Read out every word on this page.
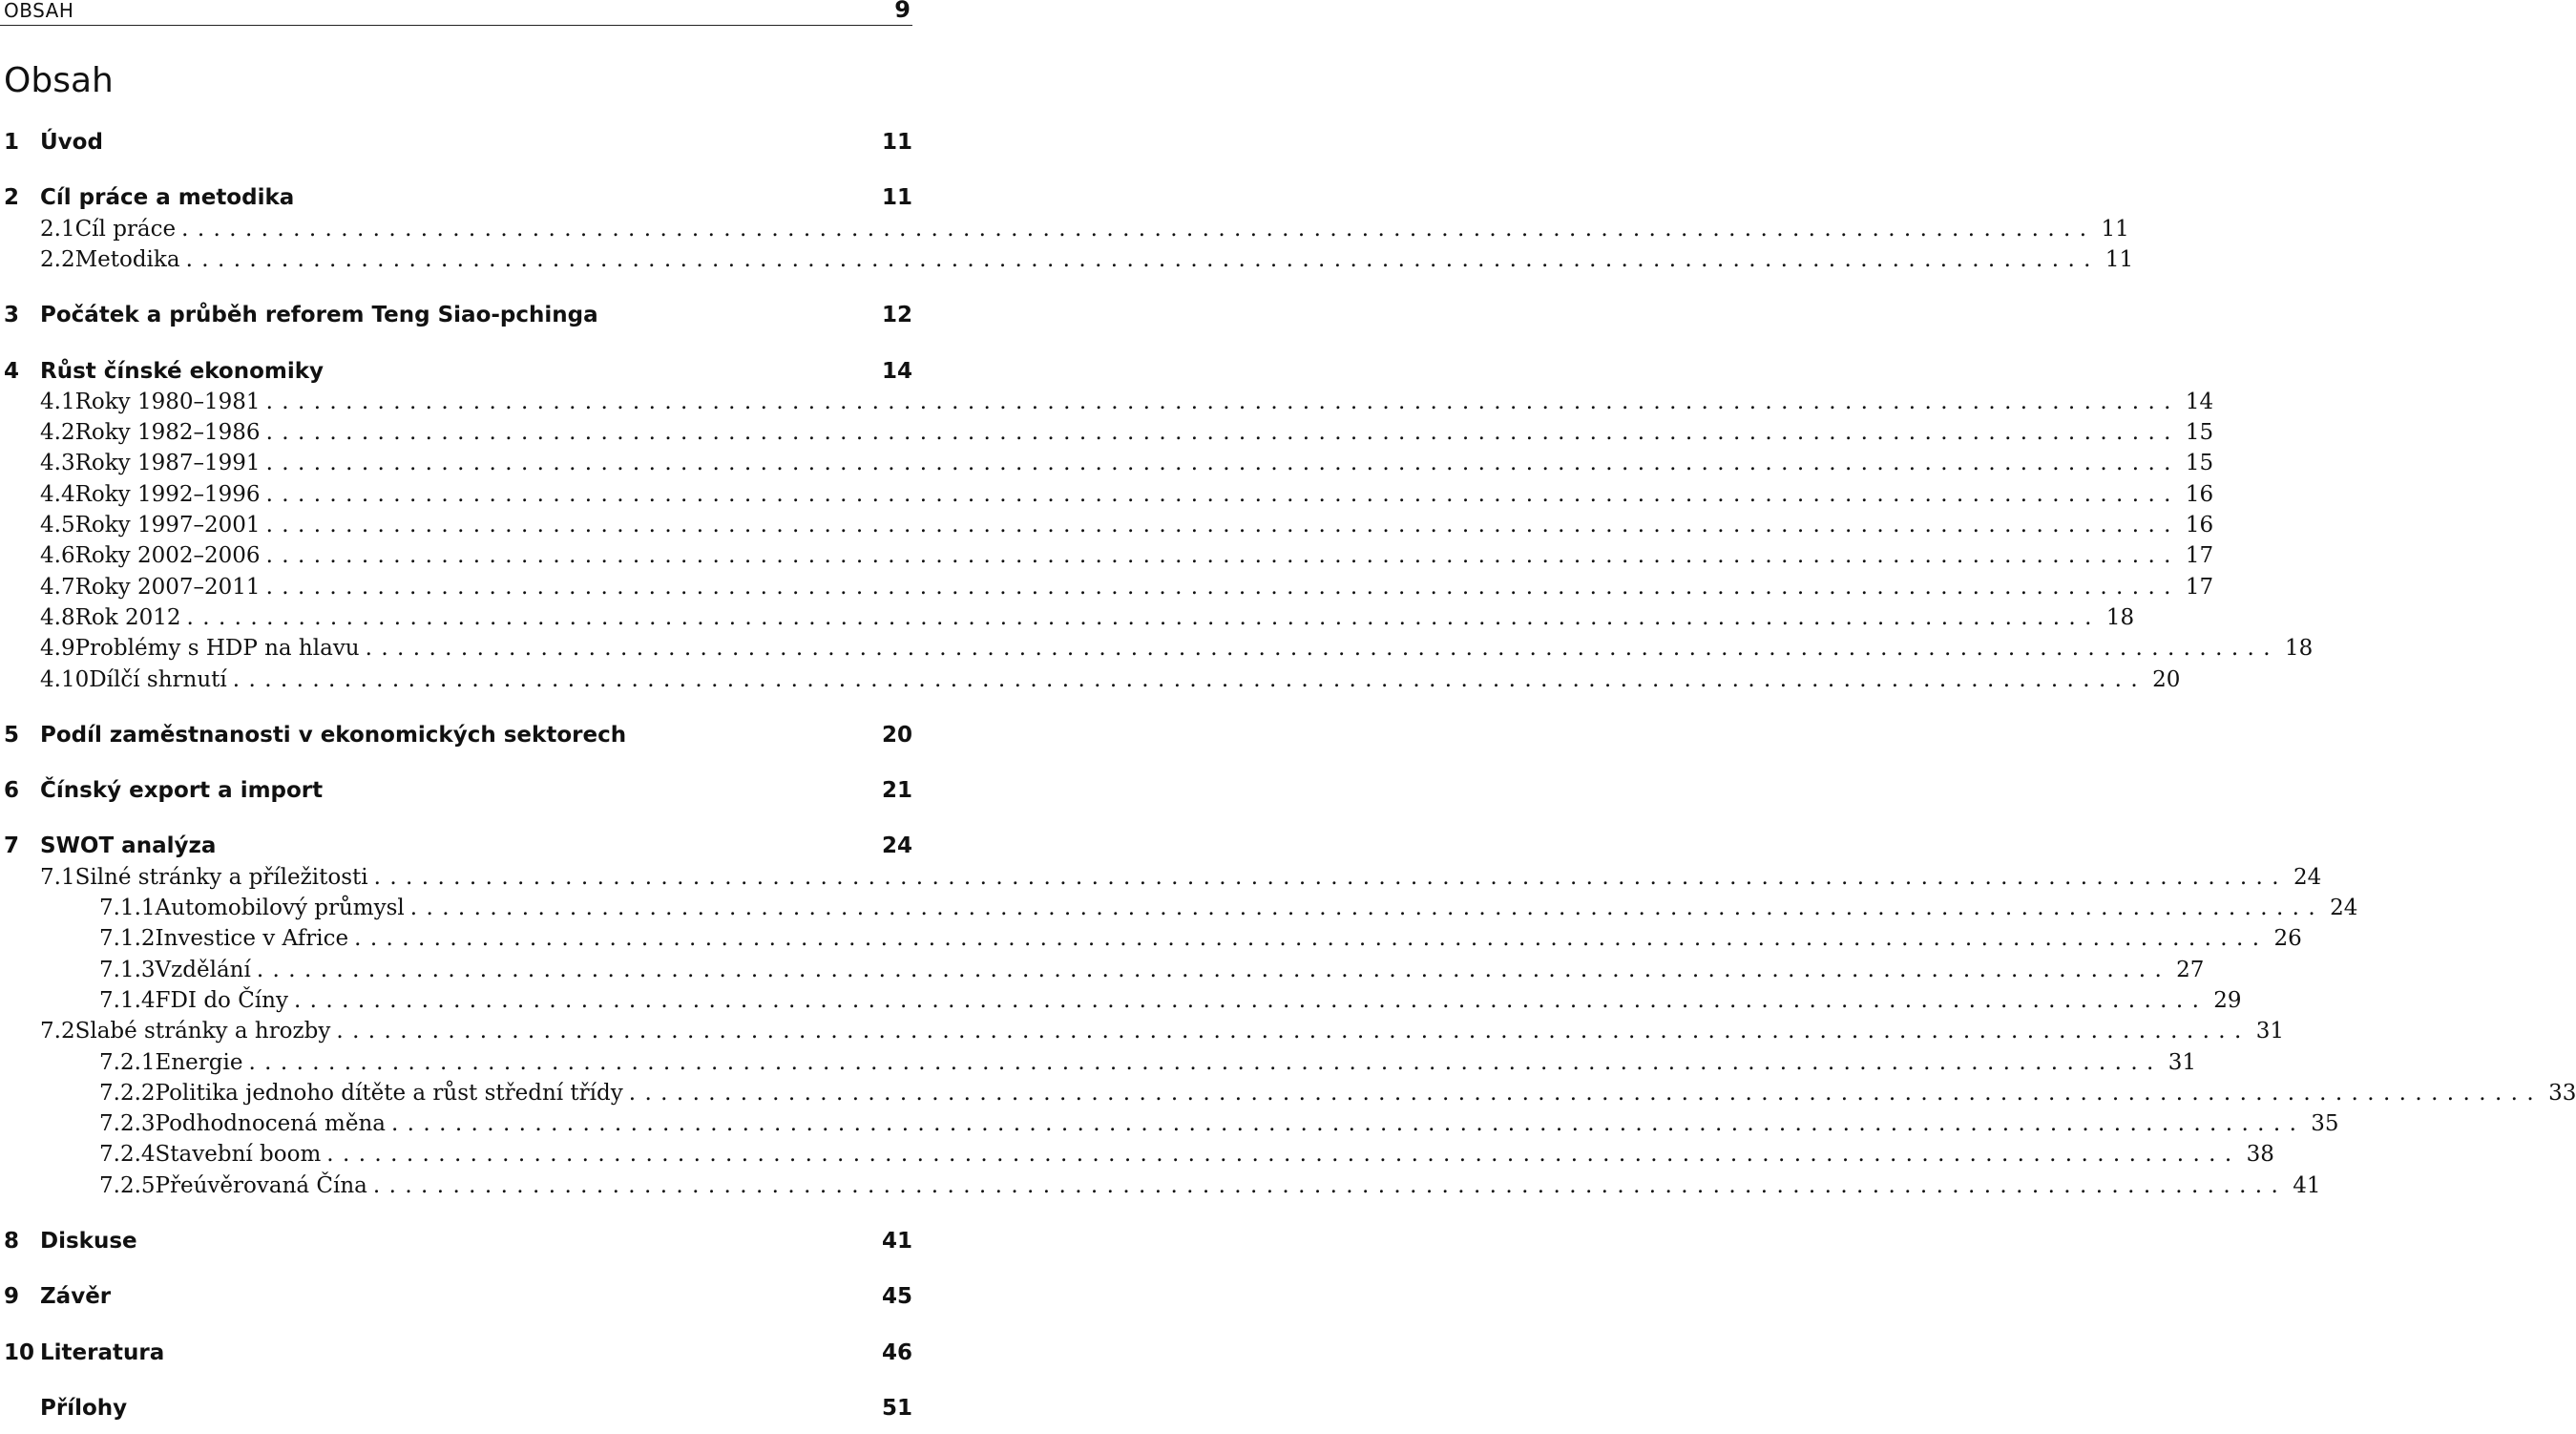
OBSAH	9
Obsah
1 Úvod	11
2 Cíl práce a metodika	11
2.1 Cíl práce ........................................................................................................................ 11
2.2 Metodika ........................................................................................................................ 11
3 Počátek a průběh reforem Teng Siao-pchinga	12
4 Růst čínské ekonomiky	14
4.1 Roky 1980–1981 ........................................................................................................................ 14
4.2 Roky 1982–1986 ........................................................................................................................ 15
4.3 Roky 1987–1991 ........................................................................................................................ 15
4.4 Roky 1992–1996 ........................................................................................................................ 16
4.5 Roky 1997–2001 ........................................................................................................................ 16
4.6 Roky 2002–2006 ........................................................................................................................ 17
4.7 Roky 2007–2011 ........................................................................................................................ 17
4.8 Rok 2012 ........................................................................................................................ 18
4.9 Problémy s HDP na hlavu ........................................................................................................................ 18
4.10 Dílčí shrnutí ........................................................................................................................ 20
5 Podíl zaměstnanosti v ekonomických sektorech	20
6 Čínský export a import	21
7 SWOT analýza	24
7.1 Silné stránky a příležitosti ........................................................................................................................ 24
7.1.1 Automobilový průmysl ........................................................................................................................ 24
7.1.2 Investice v Africe ........................................................................................................................ 26
7.1.3 Vzdělání ........................................................................................................................ 27
7.1.4 FDI do Číny ........................................................................................................................ 29
7.2 Slabé stránky a hrozby ........................................................................................................................ 31
7.2.1 Energie ........................................................................................................................ 31
7.2.2 Politika jednoho dítěte a růst střední třídy ........................................................................................................................ 33
7.2.3 Podhodnocená měna ........................................................................................................................ 35
7.2.4 Stavební boom ........................................................................................................................ 38
7.2.5 Přeúvěrovaná Čína ........................................................................................................................ 41
8 Diskuse	41
9 Závěr	45
10 Literatura	46
Přílohy	51
